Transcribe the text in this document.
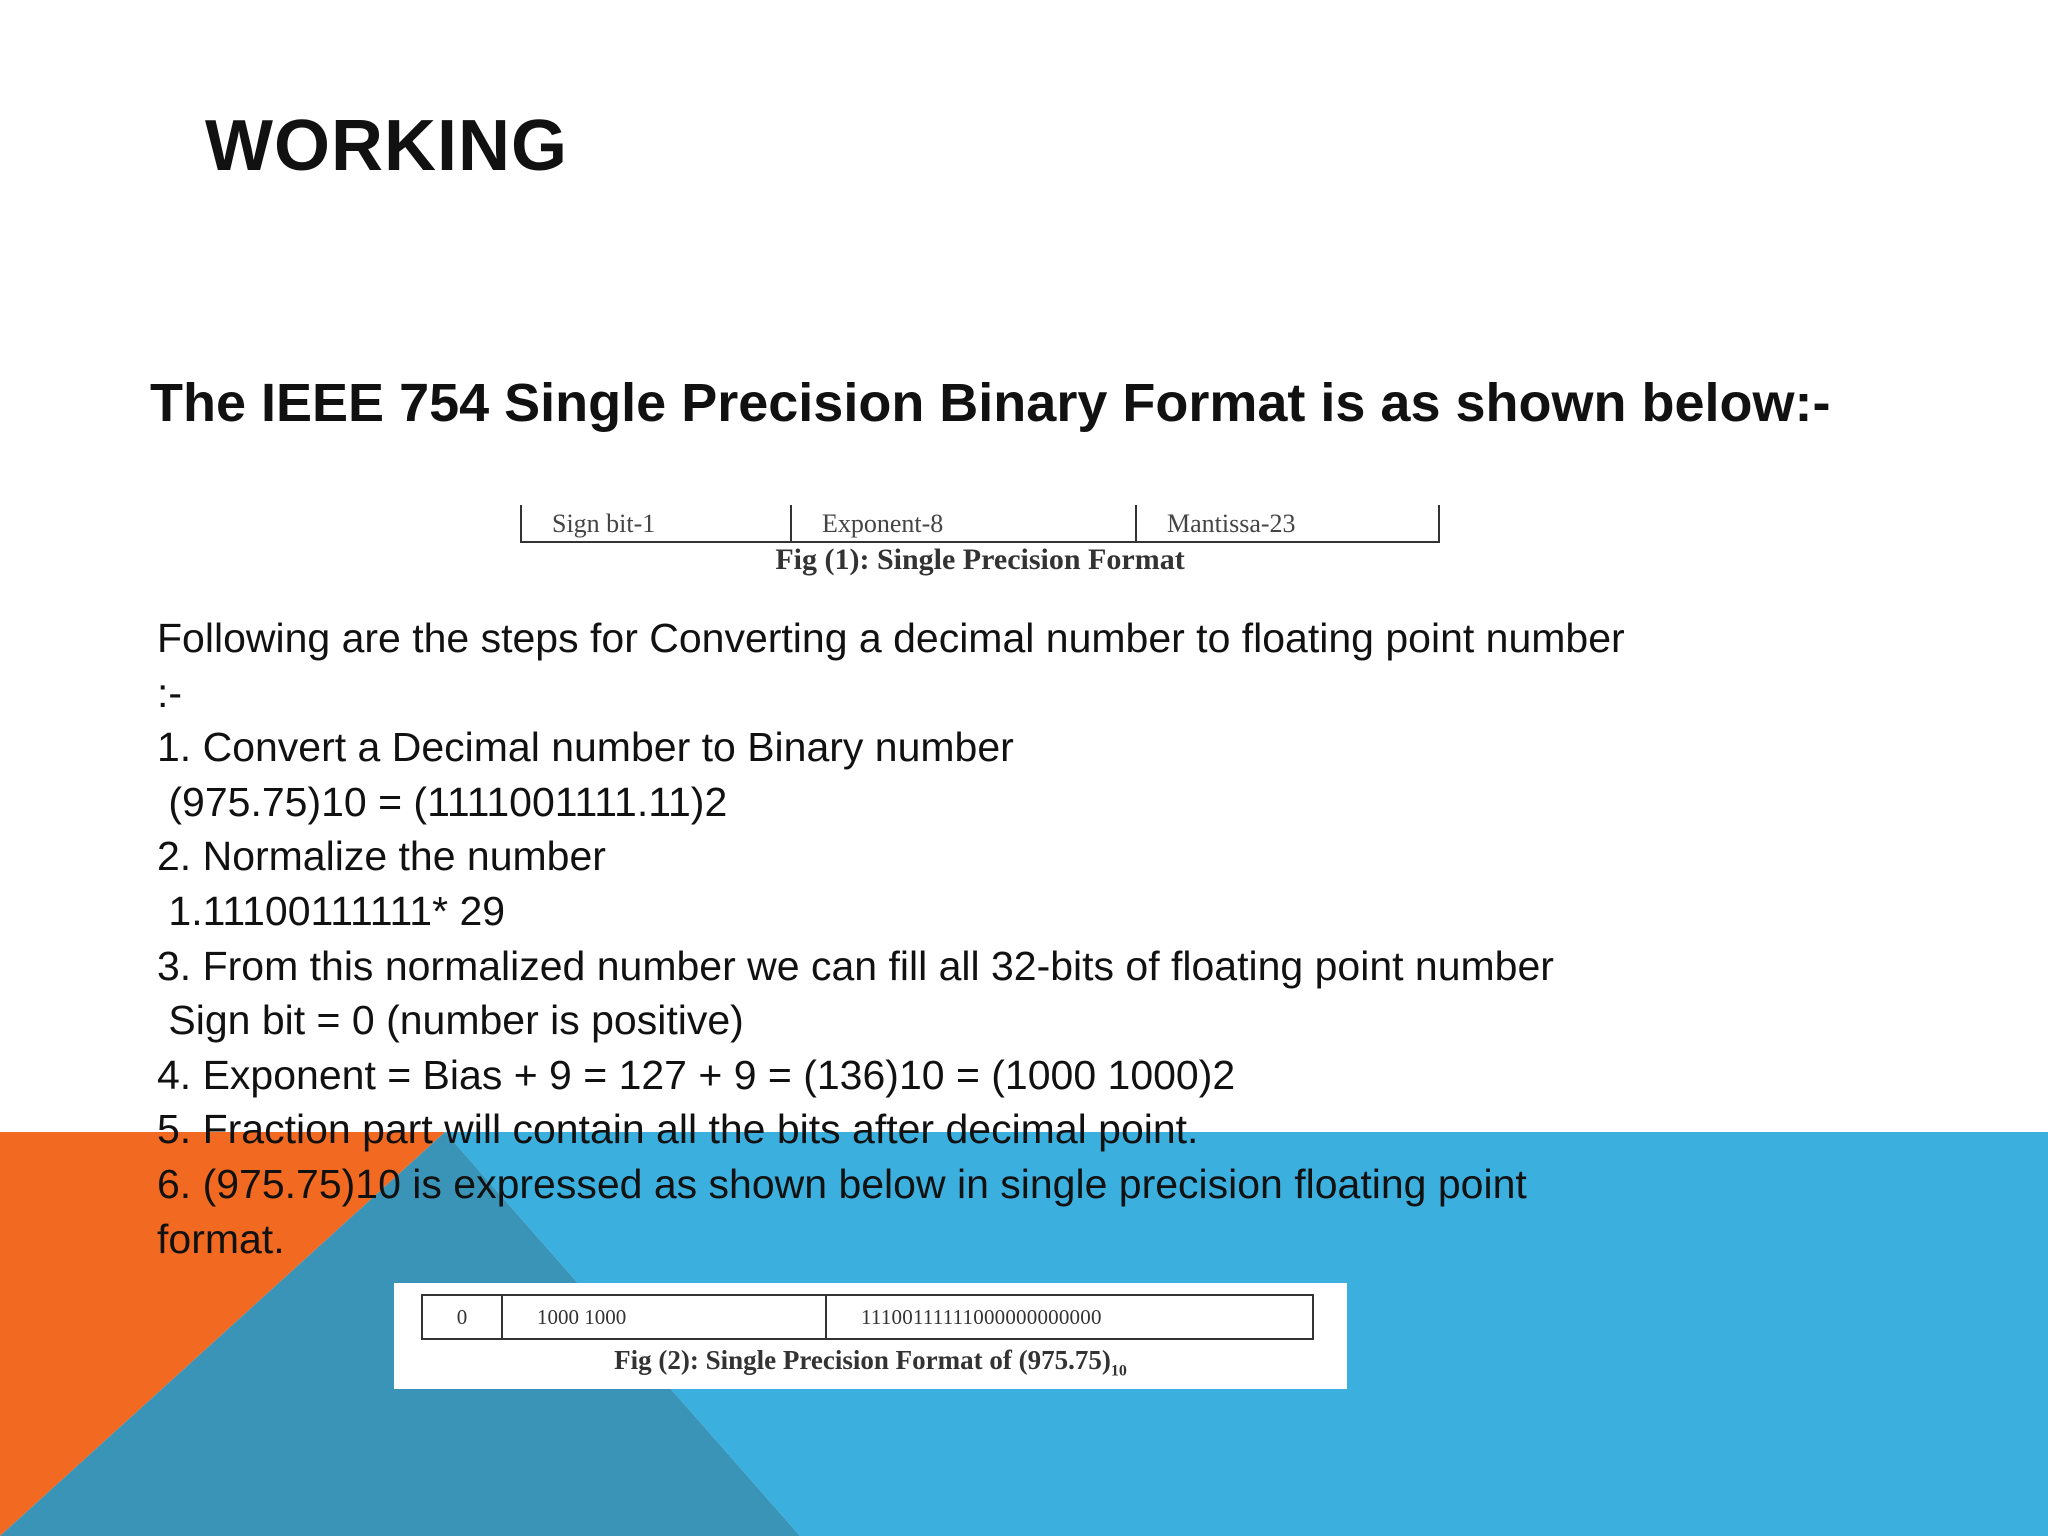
WORKING
The IEEE 754 Single Precision Binary Format is as shown below:-
Sign bit-1	Exponent-8	Mantissa-23
Fig (1): Single Precision Format
Following are the steps for Converting a decimal number to floating point number
:-
1. Convert a Decimal number to Binary number
(975.75)10 = (1111001111.11)2
2. Normalize the number
1.11100111111* 29
3. From this normalized number we can fill all 32-bits of floating point number
Sign bit = 0 (number is positive)
4. Exponent = Bias + 9 = 127 + 9 = (136)10 = (1000 1000)2
5. Fraction part will contain all the bits after decimal point.
6. (975.75)10 is expressed as shown below in single precision floating point
format.
0	1000 1000	11100111111000000000000
Fig (2): Single Precision Format of $(975.75)_{10}$
